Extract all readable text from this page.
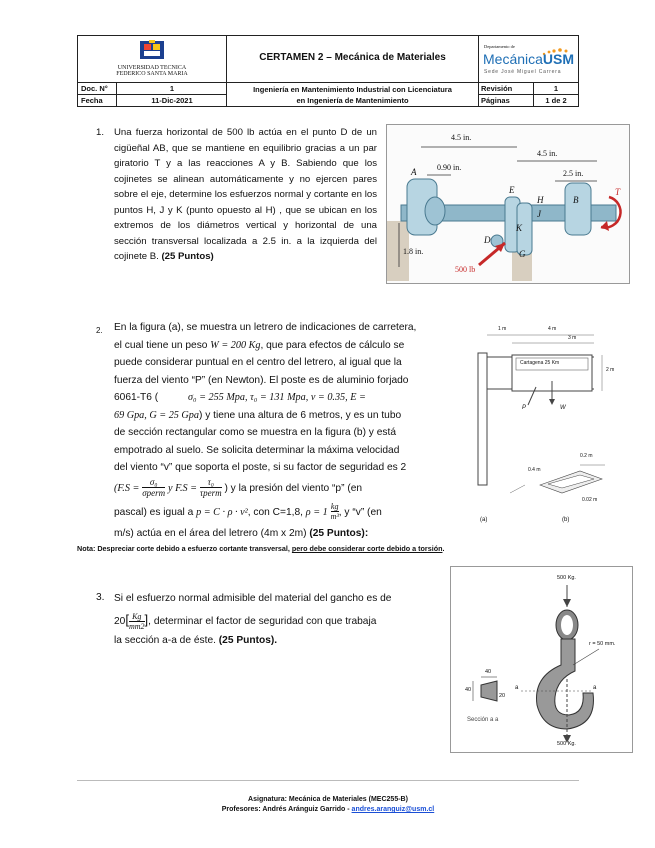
UNIVERSIDAD TECNICA
FEDERICO SANTA MARIA
CERTAMEN 2 – Mecánica de Materiales
Departamento de
MecánicaUSM
Sede José Miguel Carrera
Doc. N°	1
Fecha	11-Dic-2021
Ingeniería en Mantenimiento Industrial con Licenciatura
en Ingeniería de Mantenimiento
Revisión	1
Páginas	1 de 2
1. Una fuerza horizontal de 500 lb actúa en el punto D de un cigüeñal AB, que se mantiene en equilibrio gracias a un par giratorio T y a las reacciones A y B. Sabiendo que los cojinetes se alinean automáticamente y no ejercen pares sobre el eje, determine los esfuerzos normal y cortante en los puntos H, J y K (punto opuesto al H) , que se ubican en los extremos de los diámetros vertical y horizontal de una sección transversal localizada a 2.5 in. a la izquierda del cojinete B. (25 Puntos)
4.5 in.
4.5 in.
0.90 in.
2.5 in.
1.8 in.
500 lb
T
A
E
H	B
J
K
D
G
2. En la figura (a), se muestra un letrero de indicaciones de carretera,
el cual tiene un peso W = 200 Kg, que para efectos de cálculo se
puede considerar puntual en el centro del letrero, al igual que la
fuerza del viento “P” (en Newton). El poste es de aluminio forjado
6061-T6 (	σ₀ = 255 Mpa, τ₀ = 131 Mpa, v = 0.35, E =
69 Gpa, G = 25 Gpa) y tiene una altura de 6 metros, y es un tubo
de sección rectangular como se muestra en la figura (b) y está
empotrado al suelo. Se solicita determinar la máxima velocidad
del viento “v” que soporta el poste, si su factor de seguridad es 2
(F.S =
σ₀
σperm y F.S =
τ₀
τperm ) y la presión del viento “p” (en
pascal) es igual a p = C · ρ · v², con C=1,8, $\rho = 1 \frac{kg}{\text{m³}}$ , y “v” (en
m/s) actúa en el área del letrero (4m x 2m) (25 Puntos):
1 m	4 m
3 m
Cartagena 25 Km
2 m
P	W
(a)	(b)
0.2 m
0.4 m
0.02 m
Nota: Despreciar corte debido a esfuerzo cortante transversal, pero debe considerar corte debido a torsión.
3. Si el esfuerzo normal admisible del material del gancho es de
$20[ \frac{Kg}{mm2}$ ], determinar el factor de seguridad con que trabaja
la sección a-a de éste. (25 Puntos).
500 Kg.
r = 50 mm.
40
40
20
Sección a a
a	a
500 Kg.
Asignatura: Mecánica de Materiales (MEC255-B)
Profesores: Andrés Aránguiz Garrido - andres.aranguiz@usm.cl
